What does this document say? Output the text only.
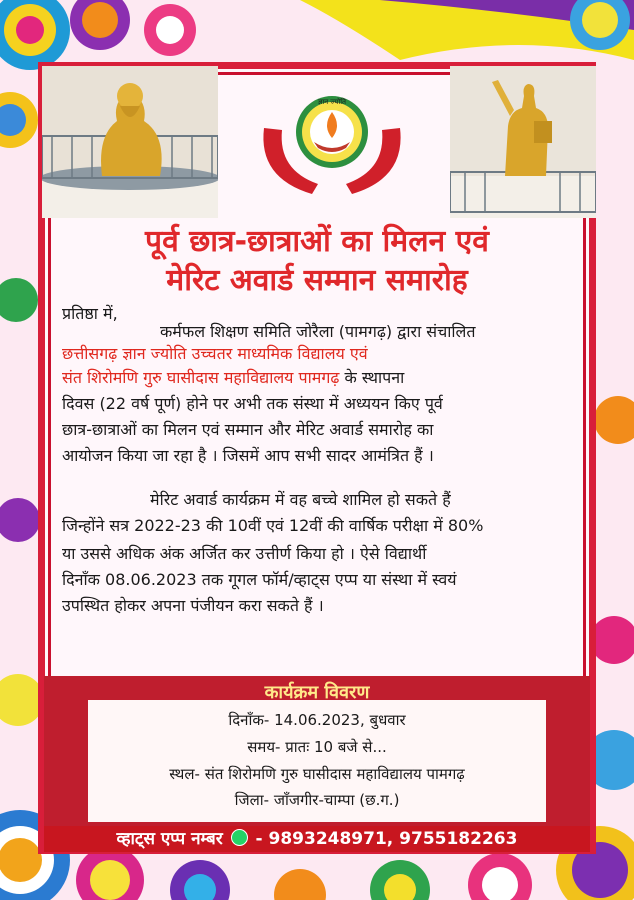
ज्ञान ज्योति
पूर्व छात्र-छात्राओं का मिलन एवं
मेरिट अवार्ड सम्मान समारोह
प्रतिष्ठा में,
कर्मफल शिक्षण समिति जोरैला (पामगढ़) द्वारा संचालित
छत्तीसगढ़ ज्ञान ज्योति उच्चतर माध्यमिक विद्यालय एवं
संत शिरोमणि गुरु घासीदास महाविद्यालय पामगढ़ के स्थापना
दिवस (22 वर्ष पूर्ण) होने पर अभी तक संस्था में अध्ययन किए पूर्व
छात्र-छात्राओं का मिलन एवं सम्मान और मेरिट अवार्ड समारोह का
आयोजन किया जा रहा है । जिसमें आप सभी सादर आमंत्रित हैं ।
मेरिट अवार्ड कार्यक्रम में वह बच्चे शामिल हो सकते हैं
जिन्होंने सत्र 2022-23 की 10वीं एवं 12वीं की वार्षिक परीक्षा में 80%
या उससे अधिक अंक अर्जित कर उत्तीर्ण किया हो । ऐसे विद्यार्थी
दिनाँक 08.06.2023 तक गूगल फॉर्म/व्हाट्स एप्प या संस्था में स्वयं
उपस्थित होकर अपना पंजीयन करा सकते हैं ।
कार्यक्रम विवरण
दिनाँक- 14.06.2023, बुधवार
समय- प्रातः 10 बजे से...
स्थल- संत शिरोमणि गुरु घासीदास महाविद्यालय पामगढ़
जिला- जाँजगीर-चाम्पा (छ.ग.)
व्हाट्स एप्प नम्बर - 9893248971, 9755182263
